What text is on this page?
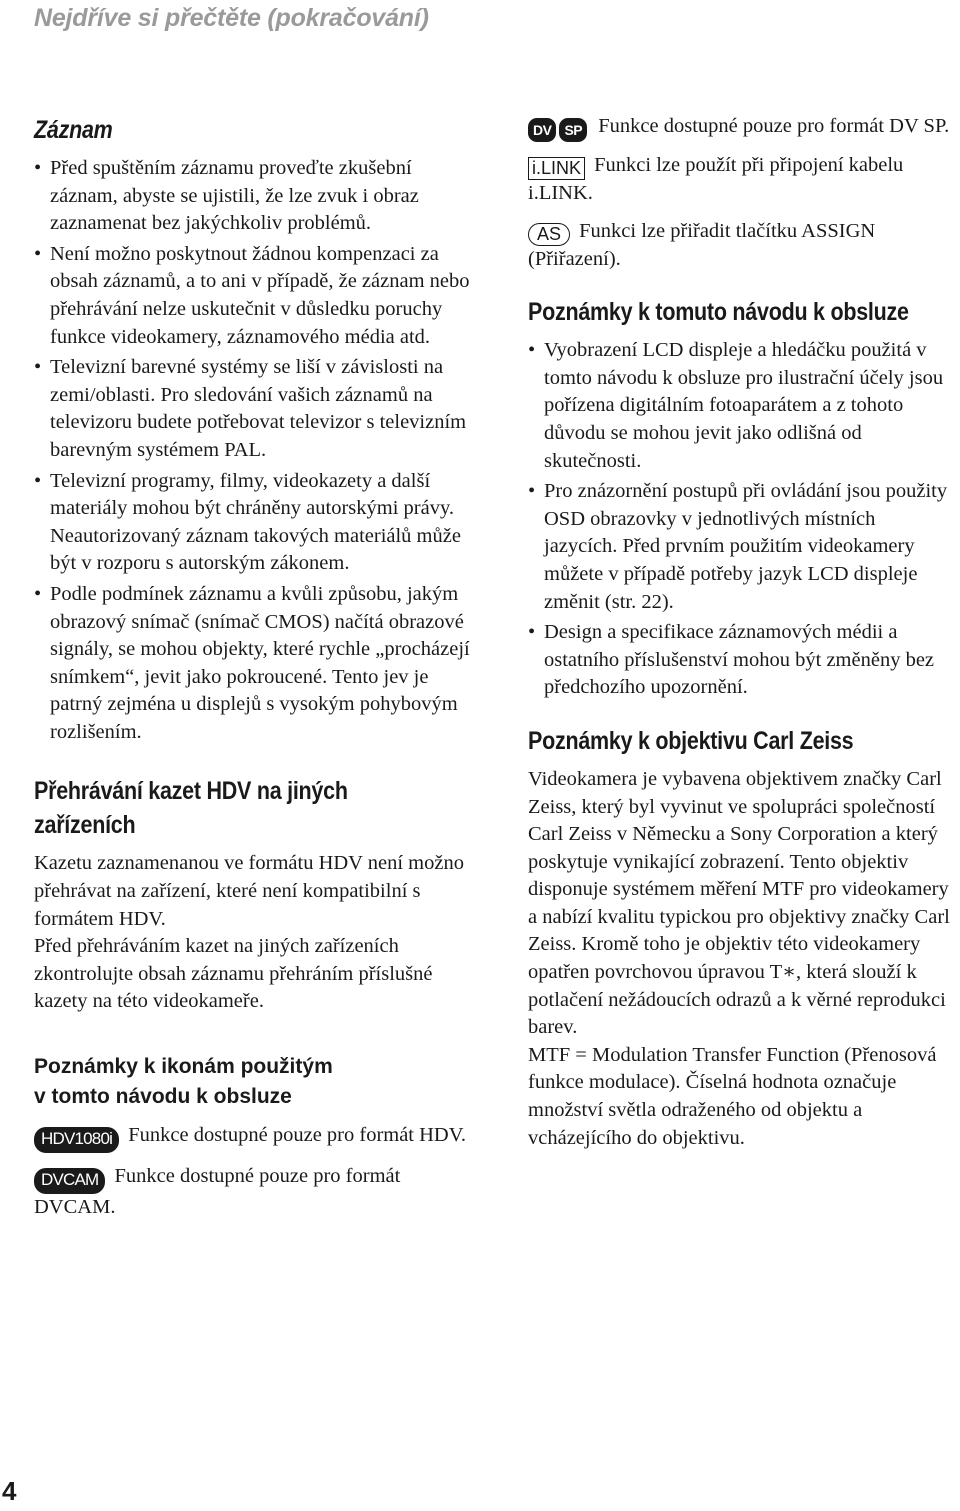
Nejdříve si přečtěte (pokračování)
Záznam
• Před spuštěním záznamu proveďte zkušební záznam, abyste se ujistili, že lze zvuk i obraz zaznamenat bez jakýchkoliv problémů.
• Není možno poskytnout žádnou kompenzaci za obsah záznamů, a to ani v případě, že záznam nebo přehrávání nelze uskutečnit v důsledku poruchy funkce videokamery, záznamového média atd.
• Televizní barevné systémy se liší v závislosti na zemi/oblasti. Pro sledování vašich záznamů na televizoru budete potřebovat televizor s televizním barevným systémem PAL.
• Televizní programy, filmy, videokazety a další materiály mohou být chráněny autorskými právy. Neautorizovaný záznam takových materiálů může být v rozporu s autorským zákonem.
• Podle podmínek záznamu a kvůli způsobu, jakým obrazový snímač (snímač CMOS) načítá obrazové signály, se mohou objekty, které rychle „procházejí snímkem“, jevit jako pokroucené. Tento jev je patrný zejména u displejů s vysokým pohybovým rozlišením.
Přehrávání kazet HDV na jiných
zařízeních

Kazetu zaznamenanou ve formátu HDV není možno přehrávat na zařízení, které není kompatibilní s formátem HDV.

Před přehráváním kazet na jiných zařízeních zkontrolujte obsah záznamu přehráním příslušné kazety na této videokameře.

Poznámky k ikonám použitým
v tomto návodu k obsluze

HDV1080i Funkce dostupné pouze pro formát HDV.

DVCAM Funkce dostupné pouze pro formát DVCAM.

DV SP Funkce dostupné pouze pro formát DV SP.

i.LINK Funkci lze použít při připojení kabelu i.LINK.

AS Funkci lze přiřadit tlačítku ASSIGN (Přiřazení).

Poznámky k tomuto návodu k obsluze
• Vyobrazení LCD displeje a hledáčku použitá v tomto návodu k obsluze pro ilustrační účely jsou pořízena digitálním fotoaparátem a z tohoto důvodu se mohou jevit jako odlišná od skutečnosti.
• Pro znázornění postupů při ovládání jsou použity OSD obrazovky v jednotlivých místních jazycích. Před prvním použitím videokamery můžete v případě potřeby jazyk LCD displeje změnit (str. 22).
• Design a specifikace záznamových médii a ostatního příslušenství mohou být změněny bez předchozího upozornění.
Poznámky k objektivu Carl Zeiss

Videokamera je vybavena objektivem značky Carl Zeiss, který byl vyvinut ve spolupráci společností Carl Zeiss v Německu a Sony Corporation a který poskytuje vynikající zobrazení. Tento objektiv disponuje systémem měření MTF pro videokamery a nabízí kvalitu typickou pro objektivy značky Carl Zeiss. Kromě toho je objektiv této videokamery opatřen povrchovou úpravou T∗, která slouží k potlačení nežádoucích odrazů a k věrné reprodukci barev.

MTF = Modulation Transfer Function (Přenosová funkce modulace). Číselná hodnota označuje množství světla odraženého od objektu a vcházejícího do objektivu.

4
